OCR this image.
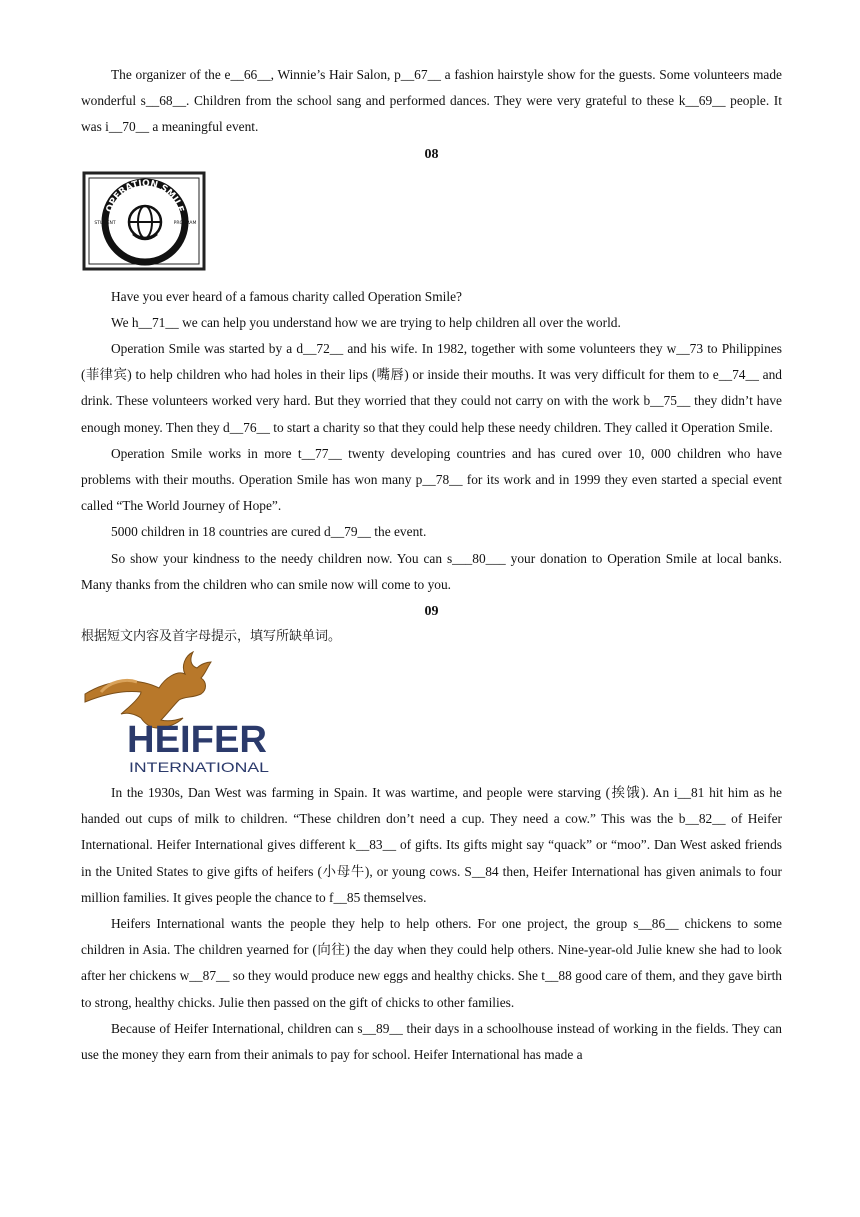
The organizer of the e__66__, Winnie’s Hair Salon, p__67__ a fashion hairstyle show for the guests. Some volunteers made wonderful s__68__. Children from the school sang and performed dances. They were very grateful to these k__69__ people. It was i__70__ a meaningful event.

08
OPERATION SMILE
YOUTH TO YOUTH
STUDENT	PROGRAM

Have you ever heard of a famous charity called Operation Smile?

We h__71__ we can help you understand how we are trying to help children all over the world.

Operation Smile was started by a d__72__ and his wife. In 1982, together with some volunteers they w__73 to Philippines (菲律宾) to help children who had holes in their lips (嘴唇) or inside their mouths. It was very difficult for them to e__74__ and drink. These volunteers worked very hard. But they worried that they could not carry on with the work b__75__ they didn’t have enough money. Then they d__76__ to start a charity so that they could help these needy children. They called it Operation Smile.

Operation Smile works in more t__77__ twenty developing countries and has cured over 10, 000 children who have problems with their mouths. Operation Smile has won many p__78__ for its work and in 1999 they even started a special event called “The World Journey of Hope”.

5000 children in 18 countries are cured d__79__ the event.

So show your kindness to the needy children now. You can s___80___ your donation to Operation Smile at local banks. Many thanks from the children who can smile now will come to you.

09

根据短文内容及首字母提示，填写所缺单词。

HEIFER
INTERNATIONAL

In the 1930s, Dan West was farming in Spain. It was wartime, and people were starving (挨饿). An i__81 hit him as he handed out cups of milk to children. “These children don’t need a cup. They need a cow.” This was the b__82__ of Heifer International. Heifer International gives different k__83__ of gifts. Its gifts might say “quack” or “moo”. Dan West asked friends in the United States to give gifts of heifers (小母牛), or young cows. S__84 then, Heifer International has given animals to four million families. It gives people the chance to f__85 themselves.

Heifers International wants the people they help to help others. For one project, the group s__86__ chickens to some children in Asia. The children yearned for (向往) the day when they could help others. Nine-year-old Julie knew she had to look after her chickens w__87__ so they would produce new eggs and healthy chicks. She t__88 good care of them, and they gave birth to strong, healthy chicks. Julie then passed on the gift of chicks to other families.

Because of Heifer International, children can s__89__ their days in a schoolhouse instead of working in the fields. They can use the money they earn from their animals to pay for school. Heifer International has made a
